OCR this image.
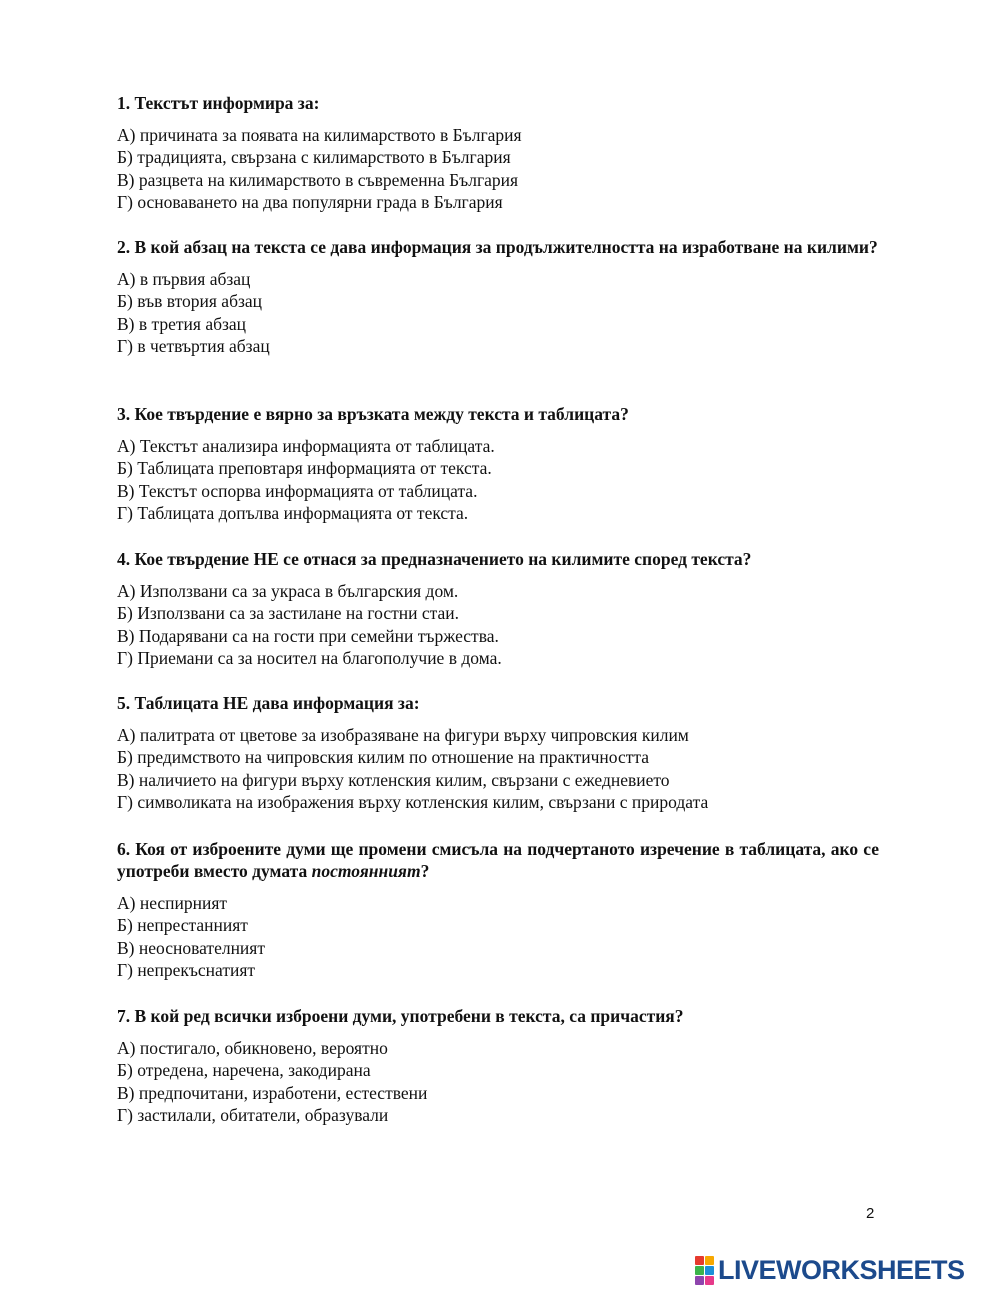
1. Текстът информира за:

А) причината за появата на килимарството в България

Б) традицията, свързана с килимарството в България

В) разцвета на килимарството в съвременна България

Г) основаването на два популярни града в България

2. В кой абзац на текста се дава информация за продължителността на изработване на килими?

А) в първия абзац

Б) във втория абзац

В) в третия абзац

Г) в четвъртия абзац

3. Кое твърдение е вярно за връзката между текста и таблицата?

А) Текстът анализира информацията от таблицата.

Б) Таблицата преповтаря информацията от текста.

В) Текстът оспорва информацията от таблицата.

Г) Таблицата допълва информацията от текста.

4. Кое твърдение НЕ се отнася за предназначението на килимите според текста?

А) Използвани са за украса в българския дом.

Б) Използвани са за застилане на гостни стаи.

В) Подарявани са на гости при семейни тържества.

Г) Приемани са за носител на благополучие в дома.

5. Таблицата НЕ дава информация за:

А) палитрата от цветове за изобразяване на фигури върху чипровския килим

Б) предимството на чипровския килим по отношение на практичността

В) наличието на фигури върху котленския килим, свързани с ежедневието

Г) символиката на изображения върху котленския килим, свързани с природата

6. Коя от изброените думи ще промени смисъла на подчертаното изречение в таблицата, ако се употреби вместо думата постоянният?

А) неспирният

Б) непрестанният

В) неоснователният

Г) непрекъснатият

7. В кой ред всички изброени думи, употребени в текста, са причастия?

А) постигало, обикновено, вероятно

Б) отредена, наречена, закодирана

В) предпочитани, изработени, естествени

Г) застилали, обитатели, образували

2
LIVEWORKSHEETS
